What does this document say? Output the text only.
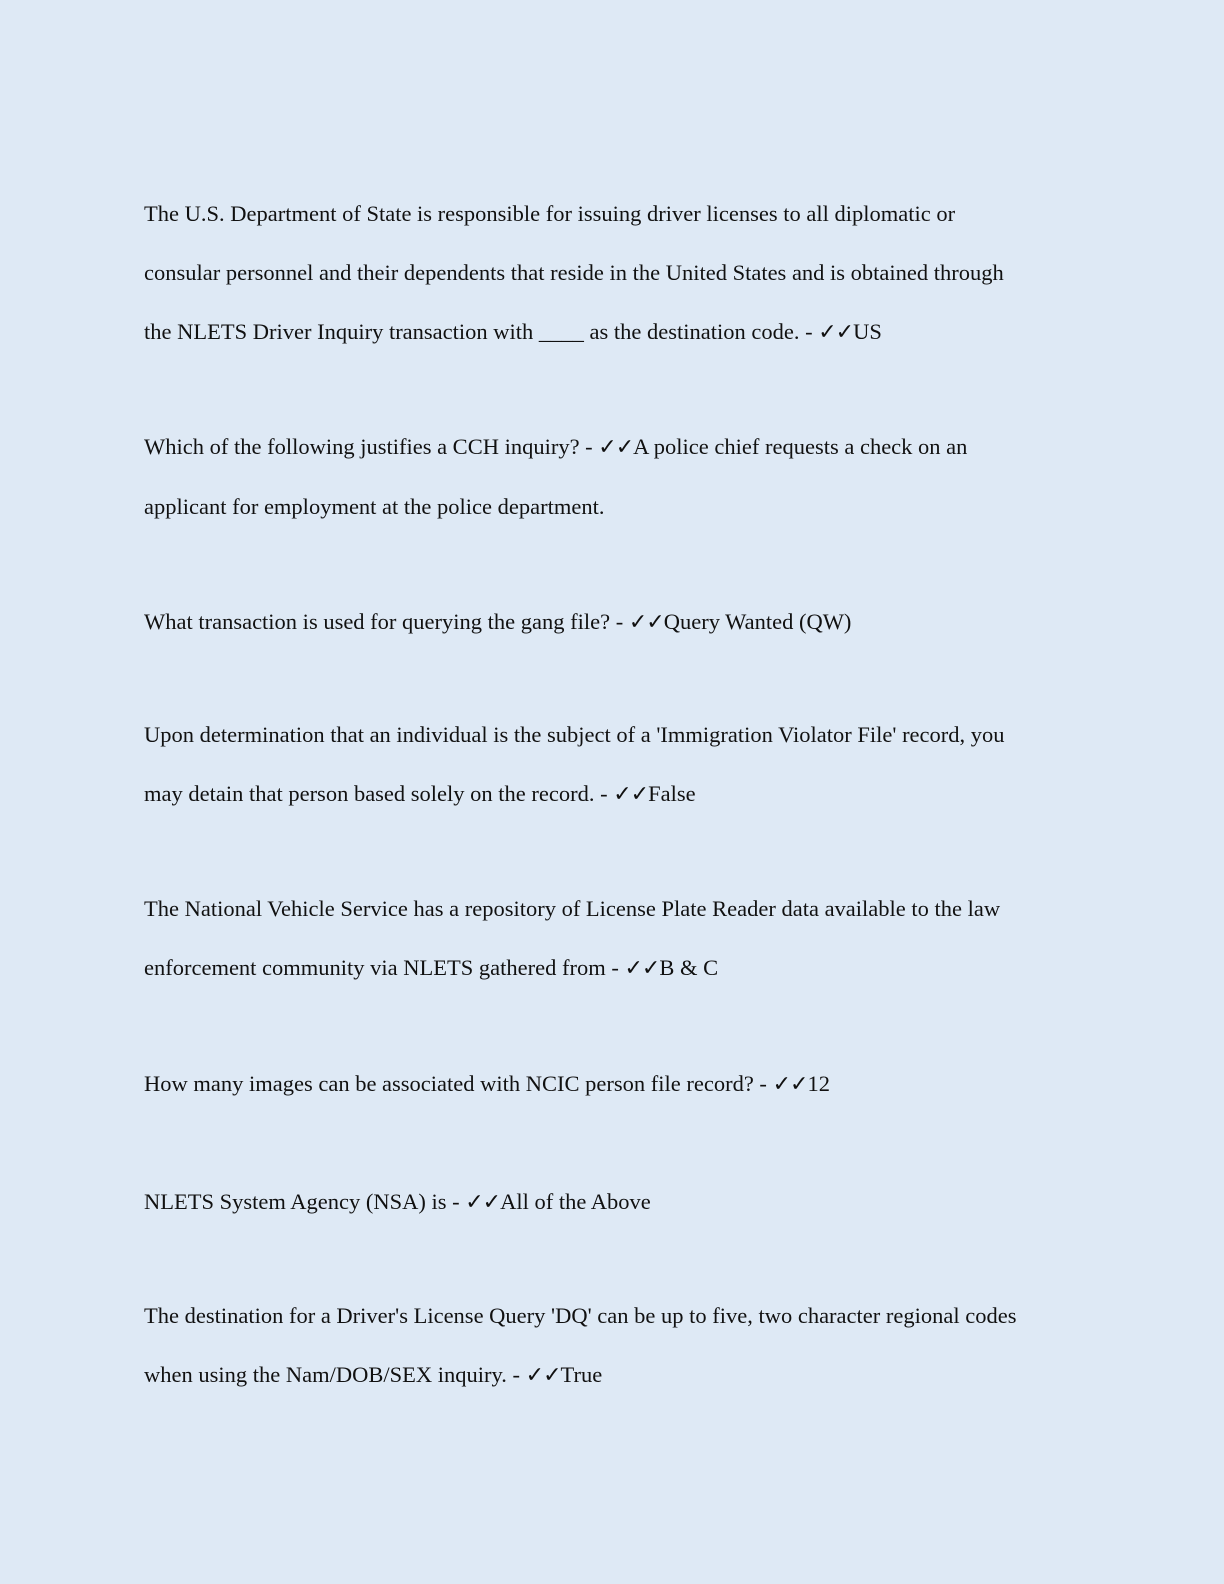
The U.S. Department of State is responsible for issuing driver licenses to all diplomatic or
consular personnel and their dependents that reside in the United States and is obtained through
the NLETS Driver Inquiry transaction with ____ as the destination code. - ✓✓US

Which of the following justifies a CCH inquiry? - ✓✓A police chief requests a check on an
applicant for employment at the police department.

What transaction is used for querying the gang file? - ✓✓Query Wanted (QW)

Upon determination that an individual is the subject of a 'Immigration Violator File' record, you
may detain that person based solely on the record. - ✓✓False

The National Vehicle Service has a repository of License Plate Reader data available to the law
enforcement community via NLETS gathered from - ✓✓B & C

How many images can be associated with NCIC person file record? - ✓✓12

NLETS System Agency (NSA) is - ✓✓All of the Above

The destination for a Driver's License Query 'DQ' can be up to five, two character regional codes
when using the Nam/DOB/SEX inquiry. - ✓✓True
